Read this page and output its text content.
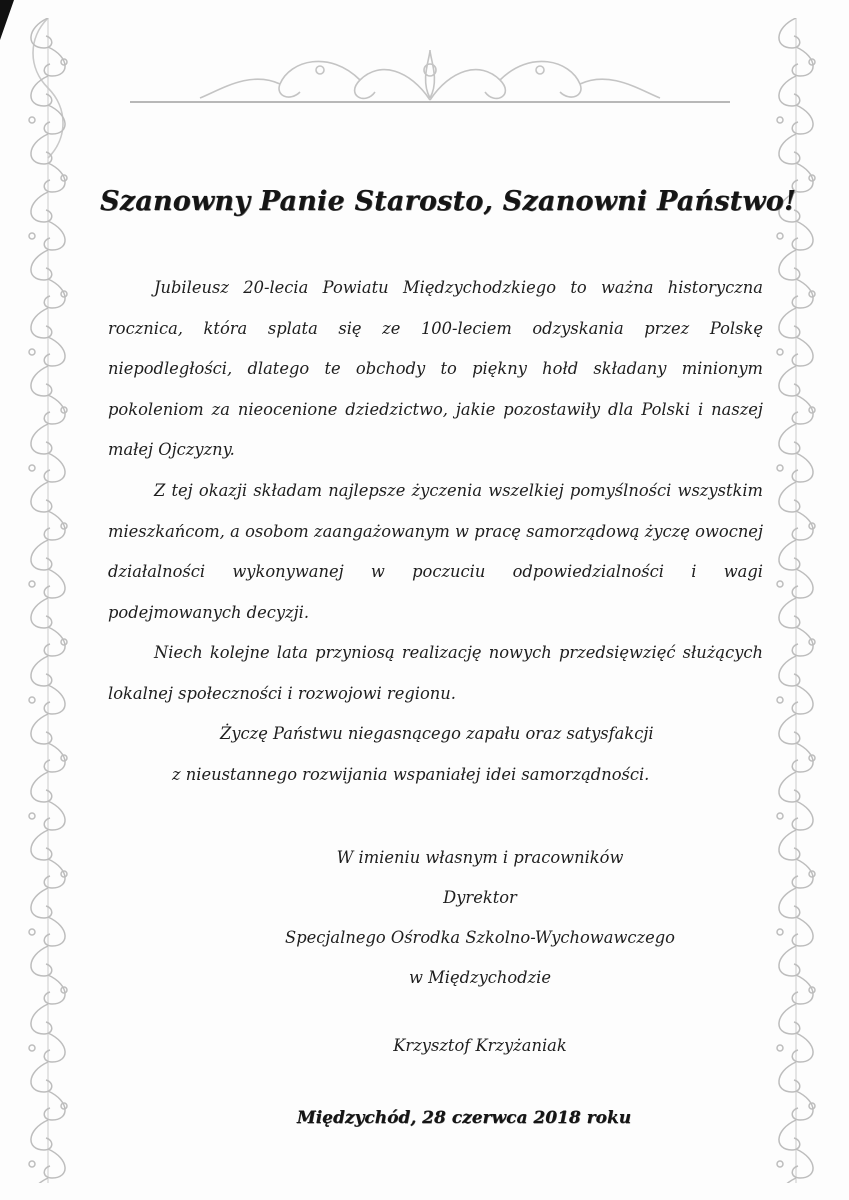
Szanowny Panie Starosto, Szanowni Państwo!

Jubileusz 20-lecia Powiatu Międzychodzkiego to ważna historyczna rocznica, która splata się ze 100-leciem odzyskania przez Polskę niepodległości, dlatego te obchody to piękny hołd składany minionym pokoleniom za nieocenione dziedzictwo, jakie pozostawiły dla Polski i naszej małej Ojczyzny.

Z tej okazji składam najlepsze życzenia wszelkiej pomyślności wszystkim mieszkańcom, a osobom zaangażowanym w pracę samorządową życzę owocnej działalności wykonywanej w poczuciu odpowiedzialności i wagi podejmowanych decyzji.

Niech kolejne lata przyniosą realizację nowych przedsięwzięć służących lokalnej społeczności i rozwojowi regionu.

Życzę Państwu niegasnącego zapału oraz satysfakcji
z nieustannego rozwijania wspaniałej idei samorządności.
W imieniu własnym i pracowników
Dyrektor
Specjalnego Ośrodka Szkolno-Wychowawczego
w Międzychodzie
Krzysztof Krzyżaniak
Międzychód, 28 czerwca 2018 roku
